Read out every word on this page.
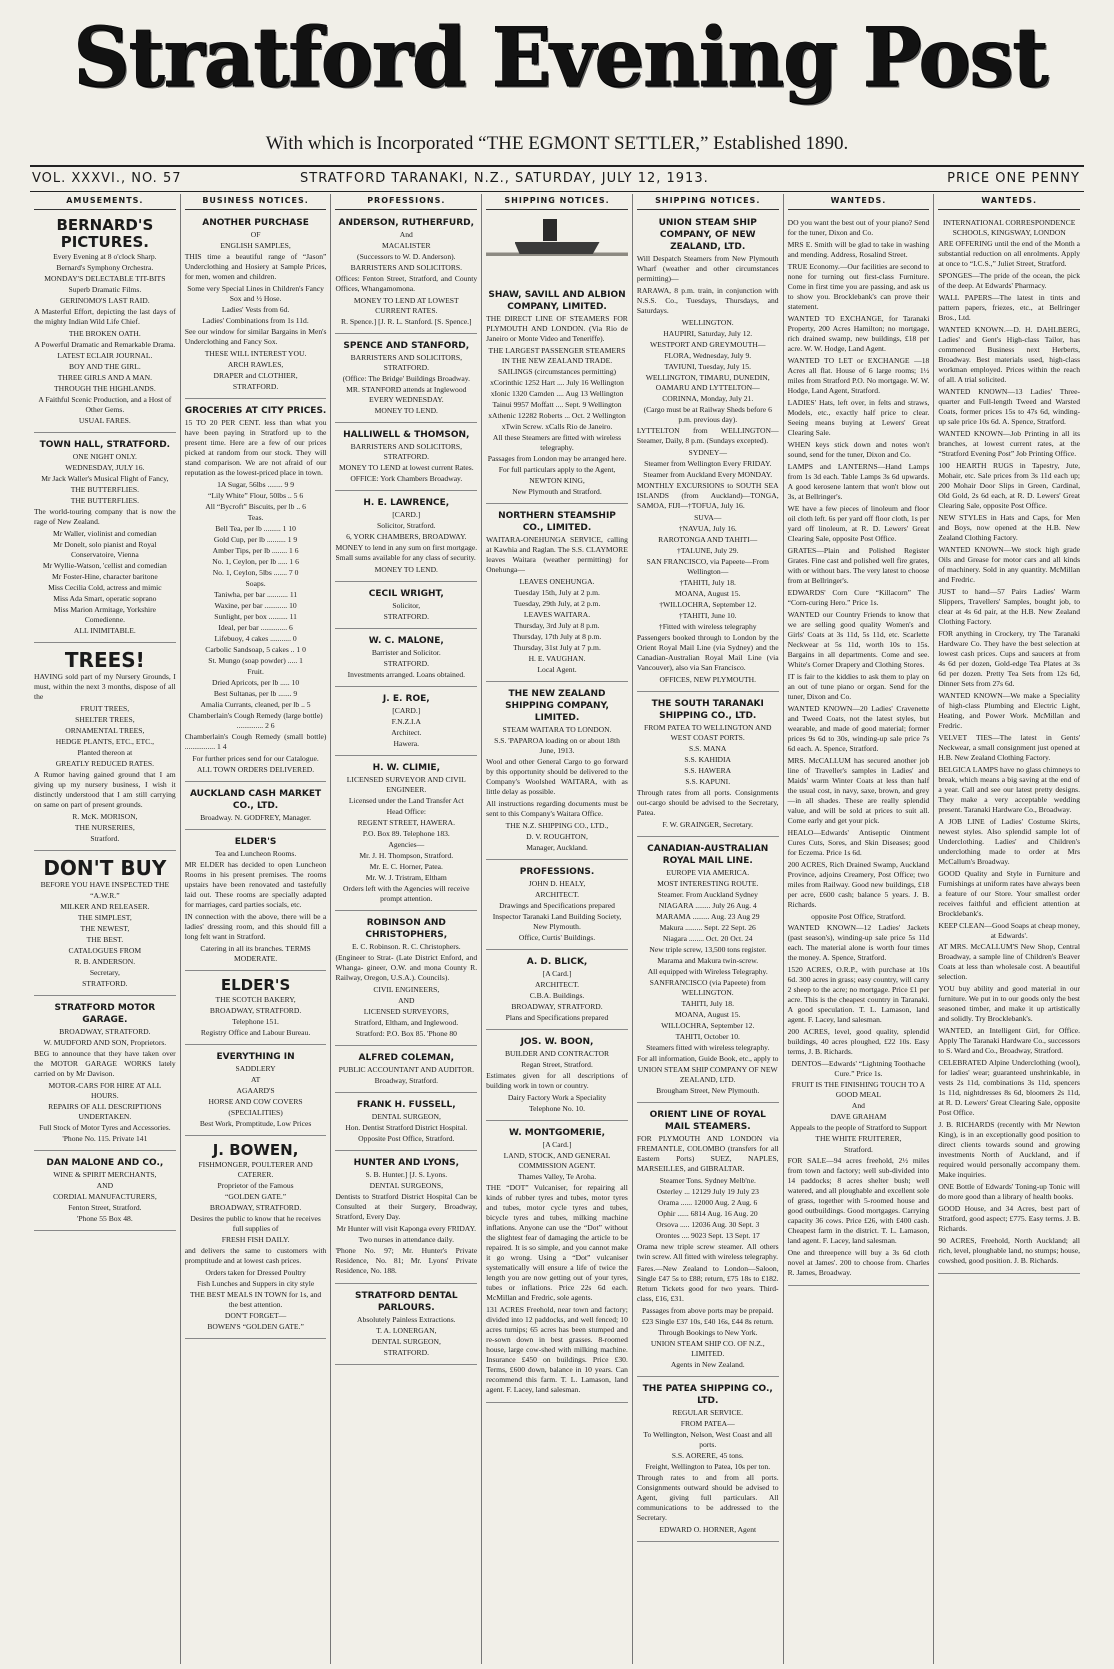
Stratford Evening Post
With which is Incorporated “THE EGMONT SETTLER,” Established 1890.
VOL. XXXVI., NO. 57	STRATFORD TARANAKI, N.Z., SATURDAY, JULY 12, 1913.	PRICE ONE PENNY
AMUSEMENTS.
BERNARD'S PICTURES.
Every Evening at 8 o'clock Sharp.
Bernard's Symphony Orchestra.
MONDAY'S DELECTABLE TIT-BITS
Superb Dramatic Films.
GERINOMO'S LAST RAID.
A Masterful Effort, depicting the last days of the mighty Indian Wild Life Chief.
THE BROKEN OATH.
A Powerful Dramatic and Remarkable Drama.
LATEST ECLAIR JOURNAL.
BOY AND THE GIRL.
THREE GIRLS AND A MAN.
THROUGH THE HIGHLANDS.
A Faithful Scenic Production, and a Host of Other Gems.
USUAL FARES.
TOWN HALL, STRATFORD.
ONE NIGHT ONLY.
WEDNESDAY, JULY 16.
Mr Jack Waller's Musical Flight of Fancy,
THE BUTTERFLIES.
THE BUTTERFLIES.
The world-touring company that is now the rage of New Zealand.
Mr Waller, violinist and comedian
Mr Donelt, solo pianist and Royal Conservatoire, Vienna
Mr Wyllie-Watson, 'cellist and comedian
Mr Foster-Hine, character baritone
Miss Cecilia Cold, actress and mimic
Miss Ada Smart, operatic soprano
Miss Marion Armitage, Yorkshire Comedienne.
ALL INIMITABLE.
TREES!
HAVING sold part of my Nursery Grounds, I must, within the next 3 months, dispose of all the
FRUIT TREES,
SHELTER TREES,
ORNAMENTAL TREES,
HEDGE PLANTS, ETC., ETC.,
Planted thereon at
GREATLY REDUCED RATES.
A Rumor having gained ground that I am giving up my nursery business, I wish it distinctly understood that I am still carrying on same on part of present grounds.
R. McK. MORISON,
THE NURSERIES,
Stratford.
DON'T BUY
BEFORE YOU HAVE INSPECTED THE
“A.W.R.”
MILKER AND RELEASER.
THE SIMPLEST,
THE NEWEST,
THE BEST.
CATALOGUES FROM
R. B. ANDERSON.
Secretary,
STRATFORD.
STRATFORD MOTOR GARAGE.
BROADWAY, STRATFORD.
W. MUDFORD AND SON, Proprietors.
BEG to announce that they have taken over the MOTOR GARAGE WORKS lately carried on by Mr Davison.
MOTOR-CARS FOR HIRE AT ALL HOURS.
REPAIRS OF ALL DESCRIPTIONS UNDERTAKEN.
Full Stock of Motor Tyres and Accessories.
'Phone No. 115. Private 141
DAN MALONE AND CO.,
WINE & SPIRIT MERCHANTS,
AND
CORDIAL MANUFACTURERS,
Fenton Street, Stratford.
'Phone 55 Box 48.
BUSINESS NOTICES.
ANOTHER PURCHASE
OF
ENGLISH SAMPLES,
THIS time a beautiful range of “Jason” Underclothing and Hosiery at Sample Prices, for men, women and children.
Some very Special Lines in Children's Fancy Sox and ½ Hose.
Ladies' Vests from 6d.
Ladies' Combinations from 1s 11d.
See our window for similar Bargains in Men's Underclothing and Fancy Sox.
THESE WILL INTEREST YOU.
ARCH RAWLES,
DRAPER and CLOTHIER,
STRATFORD.
GROCERIES AT CITY PRICES.
15 TO 20 PER CENT. less than what you have been paying in Stratford up to the present time. Here are a few of our prices picked at random from our stock. They will stand comparison. We are not afraid of our reputation as the lowest-priced place in town.
1A Sugar, 56lbs ........ 9 9
“Lily White” Flour, 50lbs .. 5 6
All “Bycroft” Biscuits, per lb .. 6
Teas.
Bell Tea, per lb ......... 1 10
Gold Cup, per lb .......... 1 9
Amber Tips, per lb ........ 1 6
No. 1, Ceylon, per lb ..... 1 6
No. 1, Ceylon, 5lbs ....... 7 0
Soaps.
Taniwha, per bar ........... 11
Waxine, per bar ............ 10
Sunlight, per box .......... 11
Ideal, per bar .............. 6
Lifebuoy, 4 cakes ........... 0
Carbolic Sandsoap, 5 cakes .. 1 0
St. Mungo (soap powder) ..... 1
Fruit.
Dried Apricots, per lb ..... 10
Best Sultanas, per lb ....... 9
Amalia Currants, cleaned, per lb .. 5
Chamberlain's Cough Remedy (large bottle) .............. 2 6
Chamberlain's Cough Remedy (small bottle) ................ 1 4
For further prices send for our Catalogue.
ALL TOWN ORDERS DELIVERED.
AUCKLAND CASH MARKET CO., LTD.
Broadway. N. GODFREY, Manager.
ELDER'S
Tea and Luncheon Rooms.
MR ELDER has decided to open Luncheon Rooms in his present premises. The rooms upstairs have been renovated and tastefully laid out. These rooms are specially adapted for marriages, card parties socials, etc.
IN connection with the above, there will be a ladies' dressing room, and this should fill a long felt want in Stratford.
Catering in all its branches. TERMS MODERATE.
ELDER'S
THE SCOTCH BAKERY,
BROADWAY, STRATFORD.
Telephone 151.
Registry Office and Labour Bureau.
EVERYTHING IN
SADDLERY
AT
AGAARD'S
HORSE AND COW COVERS
(SPECIALITIES)
Best Work, Promptitude, Low Prices
J. BOWEN,
FISHMONGER, POULTERER AND CATERER.
Proprietor of the Famous
“GOLDEN GATE.”
BROADWAY, STRATFORD.
Desires the public to know that he receives full supplies of
FRESH FISH DAILY.
and delivers the same to customers with promptitude and at lowest cash prices.
Orders taken for Dressed Poultry
Fish Lunches and Suppers in city style
THE BEST MEALS IN TOWN for 1s, and the best attention.
DON'T FORGET—
BOWEN'S “GOLDEN GATE.”
PROFESSIONS.
ANDERSON, RUTHERFURD,
And
MACALISTER
(Successors to W. D. Anderson).
BARRISTERS AND SOLICITORS.
Offices: Fenton Street, Stratford, and County Offices, Whangamomona.
MONEY TO LEND AT LOWEST CURRENT RATES.
R. Spence.] [J. R. L. Stanford. [S. Spence.]
SPENCE AND STANFORD,
BARRISTERS AND SOLICITORS, STRATFORD.
(Office: The Bridge' Buildings Broadway.
MR. STANFORD attends at Inglewood EVERY WEDNESDAY.
MONEY TO LEND.
HALLIWELL & THOMSON,
BARRISTERS AND SOLICITORS, STRATFORD.
MONEY TO LEND at lowest current Rates.
OFFICE: York Chambers Broadway.
H. E. LAWRENCE,
[CARD.]
Solicitor, Stratford.
6, YORK CHAMBERS, BROADWAY.
MONEY to lend in any sum on first mortgage. Small sums available for any class of security.
MONEY TO LEND.
CECIL WRIGHT,
Solicitor,
STRATFORD.
W. C. MALONE,
Barrister and Solicitor.
STRATFORD.
Investments arranged. Loans obtained.
J. E. ROE,
[CARD.]
F.N.Z.I.A
Architect.
Hawera.
H. W. CLIMIE,
LICENSED SURVEYOR AND CIVIL ENGINEER.
Licensed under the Land Transfer Act
Head Office:
REGENT STREET, HAWERA.
P.O. Box 89. Telephone 183.
Agencies—
Mr. J. H. Thompson, Stratford.
Mr. E. C. Horner, Patea.
Mr. W. J. Tristram, Eltham
Orders left with the Agencies will receive prompt attention.
ROBINSON AND CHRISTOPHERS,
E. C. Robinson. R. C. Christophers.
(Engineer to Strat- (Late District Enford, and Whanga- gineer, O.W. and mona County R. Railway, Oregon, U.S.A.). Councils).
CIVIL ENGINEERS,
AND
LICENSED SURVEYORS,
Stratford, Eltham, and Inglewood.
Stratford: P.O. Box 85. 'Phone 80
ALFRED COLEMAN,
PUBLIC ACCOUNTANT AND AUDITOR.
Broadway, Stratford.
FRANK H. FUSSELL,
DENTAL SURGEON,
Hon. Dentist Stratford District Hospital.
Opposite Post Office, Stratford.
HUNTER AND LYONS,
S. B. Hunter.] [J. S. Lyons.
DENTAL SURGEONS,
Dentists to Stratford District Hospital Can be Consulted at their Surgery, Broadway, Stratford, Every Day.
Mr Hunter will visit Kaponga every FRIDAY.
Two nurses in attendance daily.
'Phone No. 97; Mr. Hunter's Private Residence, No. 81; Mr. Lyons' Private Residence, No. 188.
STRATFORD DENTAL PARLOURS.
Absolutely Painless Extractions.
T. A. LONERGAN,
DENTAL SURGEON,
STRATFORD.
SHIPPING NOTICES.
SHAW, SAVILL AND ALBION COMPANY, LIMITED.
THE DIRECT LINE OF STEAMERS FOR PLYMOUTH AND LONDON. (Via Rio de Janeiro or Monte Video and Teneriffe).
THE LARGEST PASSENGER STEAMERS IN THE NEW ZEALAND TRADE.
SAILINGS (circumstances permitting)
xCorinthic 1252 Hart .... July 16 Wellington
xIonic 1320 Camden .... Aug 13 Wellington
Tainui 9957 Moffatt .... Sept. 9 Wellington
xAthenic 12282 Roberts ... Oct. 2 Wellington
xTwin Screw. xCalls Rio de Janeiro.
All these Steamers are fitted with wireless telegraphy.
Passages from London may be arranged here.
For full particulars apply to the Agent,
NEWTON KING,
New Plymouth and Stratford.
NORTHERN STEAMSHIP CO., LIMITED.
WAITARA-ONEHUNGA SERVICE, calling at Kawhia and Raglan. The S.S. CLAYMORE leaves Waitara (weather permitting) for Onehunga—
LEAVES ONEHUNGA.
Tuesday 15th, July at 2 p.m.
Tuesday, 29th July, at 2 p.m.
LEAVES WAITARA.
Thursday, 3rd July at 8 p.m.
Thursday, 17th July at 8 p.m.
Thursday, 31st July at 7 p.m.
H. E. VAUGHAN.
Local Agent.
THE NEW ZEALAND SHIPPING COMPANY, LIMITED.
STEAM WAITARA TO LONDON.
S.S. 'PAPAROA loading on or about 18th June, 1913.
Wool and other General Cargo to go forward by this opportunity should be delivered to the Company's Woolshed WAITARA, with as little delay as possible.
All instructions regarding documents must be sent to this Company's Waitara Office.
THE N.Z. SHIPPING CO., LTD.,
D. V. ROUGHTON,
Manager, Auckland.
PROFESSIONS.
JOHN D. HEALY,
ARCHITECT.
Drawings and Specifications prepared
Inspector Taranaki Land Building Society, New Plymouth.
Office, Curtis' Buildings.
A. D. BLICK,
[A Card.]
ARCHITECT.
C.B.A. Buildings.
BROADWAY, STRATFORD.
Plans and Specifications prepared
JOS. W. BOON,
BUILDER AND CONTRACTOR
Regan Street, Stratford.
Estimates given for all descriptions of building work in town or country.
Dairy Factory Work a Speciality
Telephone No. 10.
W. MONTGOMERIE,
[A Card.]
LAND, STOCK, AND GENERAL COMMISSION AGENT.
Thames Valley, Te Aroha.
THE “DOT” Vulcaniser, for repairing all kinds of rubber tyres and tubes, motor tyres and tubes, motor cycle tyres and tubes, bicycle tyres and tubes, milking machine inflations. Anyone can use the “Dot” without the slightest fear of damaging the article to be repaired. It is so simple, and you cannot make it go wrong. Using a “Dot” vulcaniser systematically will ensure a life of twice the length you are now getting out of your tyres, tubes or inflations. Price 22s 6d each. McMillan and Fredric, sole agents.
131 ACRES Freehold, near town and factory; divided into 12 paddocks, and well fenced; 10 acres turnips; 65 acres has been stumped and re-sown down in best grasses. 8-roomed house, large cow-shed with milking machine. Insurance £450 on buildings. Price £30. Terms, £600 down, balance in 10 years. Can recommend this farm. T. L. Lamason, land agent. F. Lacey, land salesman.
SHIPPING NOTICES.
UNION STEAM SHIP COMPANY, OF NEW ZEALAND, LTD.
Will Despatch Steamers from New Plymouth Wharf (weather and other circumstances permitting)—
RARAWA, 8 p.m. train, in conjunction with N.S.S. Co., Tuesdays, Thursdays, and Saturdays.
WELLINGTON.
HAUPIRI, Saturday, July 12.
WESTPORT AND GREYMOUTH—
FLORA, Wednesday, July 9.
TAVIUNI, Tuesday, July 15.
WELLINGTON, TIMARU, DUNEDIN, OAMARU AND LYTTELTON—
CORINNA, Monday, July 21.
(Cargo must be at Railway Sheds before 6 p.m. previous day).
LYTTELTON from WELLINGTON—Steamer, Daily, 8 p.m. (Sundays excepted).
SYDNEY—
Steamer from Wellington Every FRIDAY.
Steamer from Auckland Every MONDAY.
MONTHLY EXCURSIONS to SOUTH SEA ISLANDS (from Auckland)—TONGA, SAMOA, FIJI—†TOFUA, July 16.
SUVA—
†NAVUA, July 16.
RAROTONGA AND TAHITI—
†TALUNE, July 29.
SAN FRANCISCO, via Papeete—From Wellington—
†TAHITI, July 18.
MOANA, August 15.
†WILLOCHRA, September 12.
†TAHITI, June 10.
†Fitted with wireless telegraphy
Passengers booked through to London by the Orient Royal Mail Line (via Sydney) and the Canadian-Australian Royal Mail Line (via Vancouver), also via San Francisco.
OFFICES, NEW PLYMOUTH.
THE SOUTH TARANAKI SHIPPING CO., LTD.
FROM PATEA TO WELLINGTON AND WEST COAST PORTS.
S.S. MANA
S.S. KAHIDIA
S.S. HAWERA
S.S. KAPUNI.
Through rates from all ports. Consignments out-cargo should be advised to the Secretary, Patea.
F. W. GRAINGER, Secretary.
CANADIAN-AUSTRALIAN ROYAL MAIL LINE.
EUROPE VIA AMERICA.
MOST INTERESTING ROUTE.
Steamer. From Auckland Sydney
NIAGARA ........ July 26 Aug. 4
MARAMA ......... Aug. 23 Aug 29
Makura ......... Sept. 22 Sept. 26
Niagara ........ Oct. 20 Oct. 24
New triple screw, 13,500 tons register.
Marama and Makura twin-screw.
All equipped with Wireless Telegraphy.
SANFRANCISCO (via Papeete) from WELLINGTON.
TAHITI, July 18.
MOANA, August 15.
WILLOCHRA, September 12.
TAHITI, October 10.
Steamers fitted with wireless telegraphy.
For all information, Guide Book, etc., apply to
UNION STEAM SHIP COMPANY OF NEW ZEALAND, LTD.
Brougham Street, New Plymouth.
ORIENT LINE OF ROYAL MAIL STEAMERS.
FOR PLYMOUTH AND LONDON via FREMANTLE, COLOMBO (transfers for all Eastern Ports) SUEZ, NAPLES, MARSEILLES, and GIBRALTAR.
Steamer Tons. Sydney Melb'ne.
Osterley ... 12129 July 19 July 23
Orama ...... 12000 Aug. 2 Aug. 6
Ophir ...... 6814 Aug. 16 Aug. 20
Orsova ..... 12036 Aug. 30 Sept. 3
Orontes .... 9023 Sept. 13 Sept. 17
Orama new triple screw steamer. All others twin screw. All fitted with wireless telegraphy.
Fares.—New Zealand to London—Saloon, Single £47 5s to £88; return, £75 18s to £182. Return Tickets good for two years. Third-class, £16, £31.
Passages from above ports may be prepaid.
£23 Single £37 10s, £40 16s, £44 8s return.
Through Bookings to New York.
UNION STEAM SHIP CO. OF N.Z., LIMITED.
Agents in New Zealand.
THE PATEA SHIPPING CO., LTD.
REGULAR SERVICE.
FROM PATEA—
To Wellington, Nelson, West Coast and all ports.
S.S. AORERE, 45 tons.
Freight, Wellington to Patea, 10s per ton.
Through rates to and from all ports. Consignments outward should be advised to Agent, giving full particulars. All communications to be addressed to the Secretary.
EDWARD O. HORNER, Agent
WANTEDS.
DO you want the best out of your piano? Send for the tuner, Dixon and Co.
MRS E. Smith will be glad to take in washing and mending. Address, Rosalind Street.
TRUE Economy.—Our facilities are second to none for turning out first-class Furniture. Come in first time you are passing, and ask us to show you. Brocklebank's can prove their statement.
WANTED TO EXCHANGE, for Taranaki Property, 200 Acres Hamilton; no mortgage, rich drained swamp, new buildings, £18 per acre. W. W. Hodge, Land Agent.
WANTED TO LET or EXCHANGE —18 Acres all flat. House of 6 large rooms; 1½ miles from Stratford P.O. No mortgage. W. W. Hodge, Land Agent, Stratford.
LADIES' Hats, left over, in felts and straws, Models, etc., exactly half price to clear. Seeing means buying at Lewers' Great Clearing Sale.
WHEN keys stick down and notes won't sound, send for the tuner, Dixon and Co.
LAMPS and LANTERNS—Hand Lamps from 1s 3d each. Table Lamps 3s 6d upwards. A good kerosene lantern that won't blow out 3s, at Bellringer's.
WE have a few pieces of linoleum and floor oil cloth left. 6s per yard off floor cloth, 1s per yard off linoleum, at R. D. Lewers' Great Clearing Sale, opposite Post Office.
GRATES—Plain and Polished Register Grates. Fine cast and polished well fire grates, with or without bars. The very latest to choose from at Bellringer's.
EDWARDS' Corn Cure “Killacorn” The “Corn-curing Hero.” Price 1s.
WANTED our Country Friends to know that we are selling good quality Women's and Girls' Coats at 3s 11d, 5s 11d, etc. Scarlette Neckwear at 5s 11d, worth 10s to 15s. Bargains in all departments. Come and see. White's Corner Drapery and Clothing Stores.
IT is fair to the kiddies to ask them to play on an out of tune piano or organ. Send for the tuner, Dixon and Co.
WANTED KNOWN—20 Ladies' Cravenette and Tweed Coats, not the latest styles, but wearable, and made of good material; former prices 9s 6d to 30s, winding-up sale price 7s 6d each. A. Spence, Stratford.
MRS. McCALLUM has secured another job line of Traveller's samples in Ladies' and Maids' warm Winter Coats at less than half the usual cost, in navy, saxe, brown, and grey—in all shades. These are really splendid value, and will be sold at prices to suit all. Come early and get your pick.
HEALO—Edwards' Antiseptic Ointment Cures Cuts, Sores, and Skin Diseases; good for Eczema. Price 1s 6d.
200 ACRES, Rich Drained Swamp, Auckland Province, adjoins Creamery, Post Office; two miles from Railway. Good new buildings, £18 per acre, £600 cash; balance 5 years. J. B. Richards.
opposite Post Office, Stratford.
WANTED KNOWN—12 Ladies' Jackets (past season's), winding-up sale price 5s 11d each. The material alone is worth four times the money. A. Spence, Stratford.
1520 ACRES, O.R.P., with purchase at 10s 6d. 300 acres in grass; easy country, will carry 2 sheep to the acre; no mortgage. Price £1 per acre. This is the cheapest country in Taranaki. A good speculation. T. L. Lamason, land agent. F. Lacey, land salesman.
200 ACRES, level, good quality, splendid buildings, 40 acres ploughed, £22 10s. Easy terms, J. B. Richards.
DENTOS—Edwards' “Lightning Toothache Cure.” Price 1s.
FRUIT IS THE FINISHING TOUCH TO A GOOD MEAL
And
DAVE GRAHAM
Appeals to the people of Stratford to Support
THE WHITE FRUITERER,
Stratford.
FOR SALE—94 acres freehold, 2½ miles from town and factory; well sub-divided into 14 paddocks; 8 acres shelter bush; well watered, and all ploughable and excellent sole of grass, together with 5-roomed house and good outbuildings. Good mortgages. Carrying capacity 36 cows. Price £26, with £400 cash. Cheapest farm in the district. T. L. Lamason, land agent. F. Lacey, land salesman.
One and threepence will buy a 3s 6d cloth novel at James'. 200 to choose from. Charles R. James, Broadway.
WANTEDS.
INTERNATIONAL CORRESPONDENCE SCHOOLS, KINGSWAY, LONDON
ARE OFFERING until the end of the Month a substantial reduction on all enrolments. Apply at once to “I.C.S.,” Juliet Street, Stratford.
SPONGES—The pride of the ocean, the pick of the deep. At Edwards' Pharmacy.
WALL PAPERS—The latest in tints and pattern papers, friezes, etc., at Bellringer Bros., Ltd.
WANTED KNOWN.—D. H. DAHLBERG, Ladies' and Gent's High-class Tailor, has commenced Business next Herberts, Broadway. Best materials used, high-class workman employed. Prices within the reach of all. A trial solicited.
WANTED KNOWN—13 Ladies' Three-quarter and Full-length Tweed and Warsted Coats, former prices 15s to 47s 6d, winding-up sale price 10s 6d. A. Spence, Stratford.
WANTED KNOWN—Job Printing in all its branches, at lowest current rates, at the “Stratford Evening Post” Job Printing Office.
100 HEARTH RUGS in Tapestry, Jute, Mohair, etc. Sale prices from 3s 11d each up; 200 Mohair Door Slips in Green, Cardinal, Old Gold, 2s 6d each, at R. D. Lewers' Great Clearing Sale, opposite Post Office.
NEW STYLES in Hats and Caps, for Men and Boys, now opened at the H.B. New Zealand Clothing Factory.
WANTED KNOWN—We stock high grade Oils and Grease for motor cars and all kinds of machinery. Sold in any quantity. McMillan and Fredric.
JUST to hand—57 Pairs Ladies' Warm Slippers, Travellers' Samples, bought job, to clear at 4s 6d pair, at the H.B. New Zealand Clothing Factory.
FOR anything in Crockery, try The Taranaki Hardware Co. They have the best selection at lowest cash prices. Cups and saucers at from 4s 6d per dozen, Gold-edge Tea Plates at 3s 6d per dozen. Pretty Tea Sets from 12s 6d, Dinner Sets from 27s 6d.
WANTED KNOWN—We make a Speciality of high-class Plumbing and Electric Light, Heating, and Power Work. McMillan and Fredric.
VELVET TIES—The latest in Gents' Neckwear, a small consignment just opened at H.B. New Zealand Clothing Factory.
BELGICA LAMPS have no glass chimneys to break, which means a big saving at the end of a year. Call and see our latest pretty designs. They make a very acceptable wedding present. Taranaki Hardware Co., Broadway.
A JOB LINE of Ladies' Costume Skirts, newest styles. Also splendid sample lot of Underclothing. Ladies' and Children's underclothing made to order at Mrs McCallum's Broadway.
GOOD Quality and Style in Furniture and Furnishings at uniform rates have always been a feature of our Store. Your smallest order receives faithful and efficient attention at Brocklebank's.
KEEP CLEAN—Good Soaps at cheap money, at Edwards'.
AT MRS. McCALLUM'S New Shop, Central Broadway, a sample line of Children's Beaver Coats at less than wholesale cost. A beautiful selection.
YOU buy ability and good material in our furniture. We put in to our goods only the best seasoned timber, and make it up artistically and solidly. Try Brocklebank's.
WANTED, an Intelligent Girl, for Office. Apply The Taranaki Hardware Co., successors to S. Ward and Co., Broadway, Stratford.
CELEBRATED Alpine Underclothing (wool), for ladies' wear; guaranteed unshrinkable, in vests 2s 11d, combinations 3s 11d, spencers 1s 11d, nightdresses 8s 6d, bloomers 2s 11d, at R. D. Lewers' Great Clearing Sale, opposite Post Office.
J. B. RICHARDS (recently with Mr Newton King), is in an exceptionally good position to direct clients towards sound and growing investments North of Auckland, and if required would personally accompany them. Make inquiries.
ONE Bottle of Edwards' Toning-up Tonic will do more good than a library of health books.
GOOD House, and 34 Acres, best part of Stratford, good aspect; £775. Easy terms. J. B. Richards.
90 ACRES, Freehold, North Auckland; all rich, level, ploughable land, no stumps; house, cowshed, good position. J. B. Richards.
